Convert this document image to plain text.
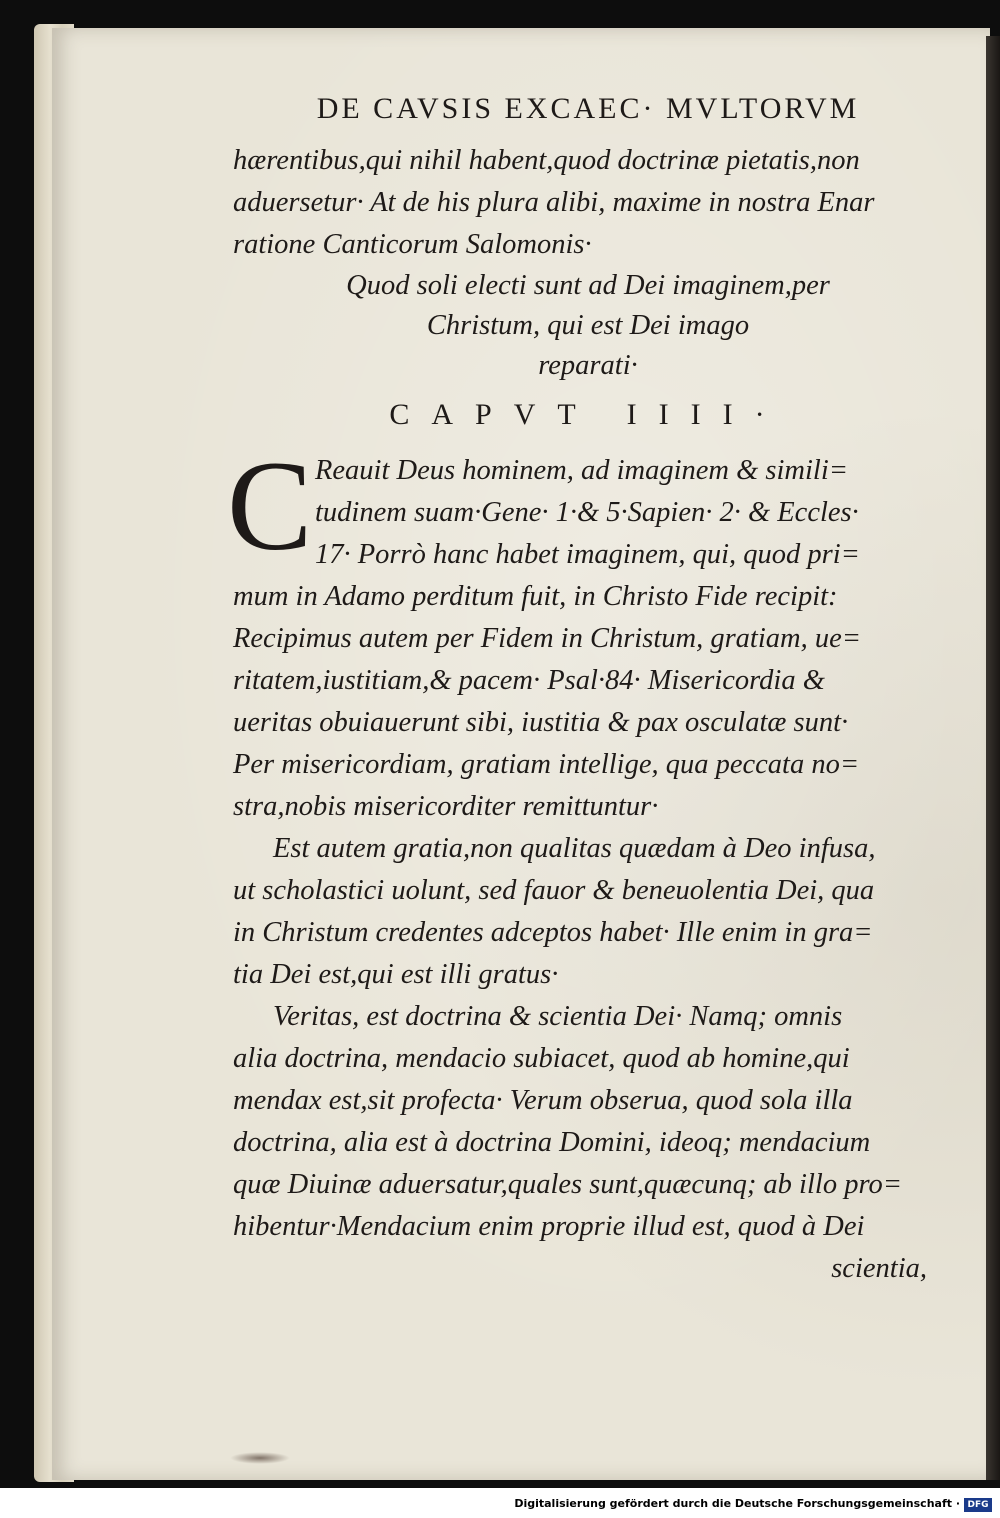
DE CAVSIS EXCAEC· MVLTORVM

hærentibus,qui nihil habent,quod doctrinæ pietatis,non

aduersetur· At de his plura alibi, maxime in nostra Enar

ratione Canticorum Salomonis·

Quod soli electi sunt ad Dei imaginem,per

Christum, qui est Dei imago

reparati·

CAPVT IIII·
C Reauit Deus hominem, ad imaginem & simili=

tudinem suam·Gene· 1·& 5·Sapien· 2· & Eccles·

17· Porrò hanc habet imaginem, qui, quod pri=

mum in Adamo perditum fuit, in Christo Fide recipit:

Recipimus autem per Fidem in Christum, gratiam, ue=

ritatem,iustitiam,& pacem· Psal·84· Misericordia &

ueritas obuiauerunt sibi, iustitia & pax osculatæ sunt·

Per misericordiam, gratiam intellige, qua peccata no=

stra,nobis misericorditer remittuntur·

Est autem gratia,non qualitas quædam à Deo infusa,

ut scholastici uolunt, sed fauor & beneuolentia Dei, qua

in Christum credentes adceptos habet· Ille enim in gra=

tia Dei est,qui est illi gratus·

Veritas, est doctrina & scientia Dei· Namq; omnis

alia doctrina, mendacio subiacet, quod ab homine,qui

mendax est,sit profecta· Verum obserua, quod sola illa

doctrina, alia est à doctrina Domini, ideoq; mendacium

quæ Diuinæ aduersatur,quales sunt,quæcunq; ab illo pro=

hibentur·Mendacium enim proprie illud est, quod à Dei

scientia,

Digitalisierung gefördert durch die Deutsche Forschungsgemeinschaft · DFG
